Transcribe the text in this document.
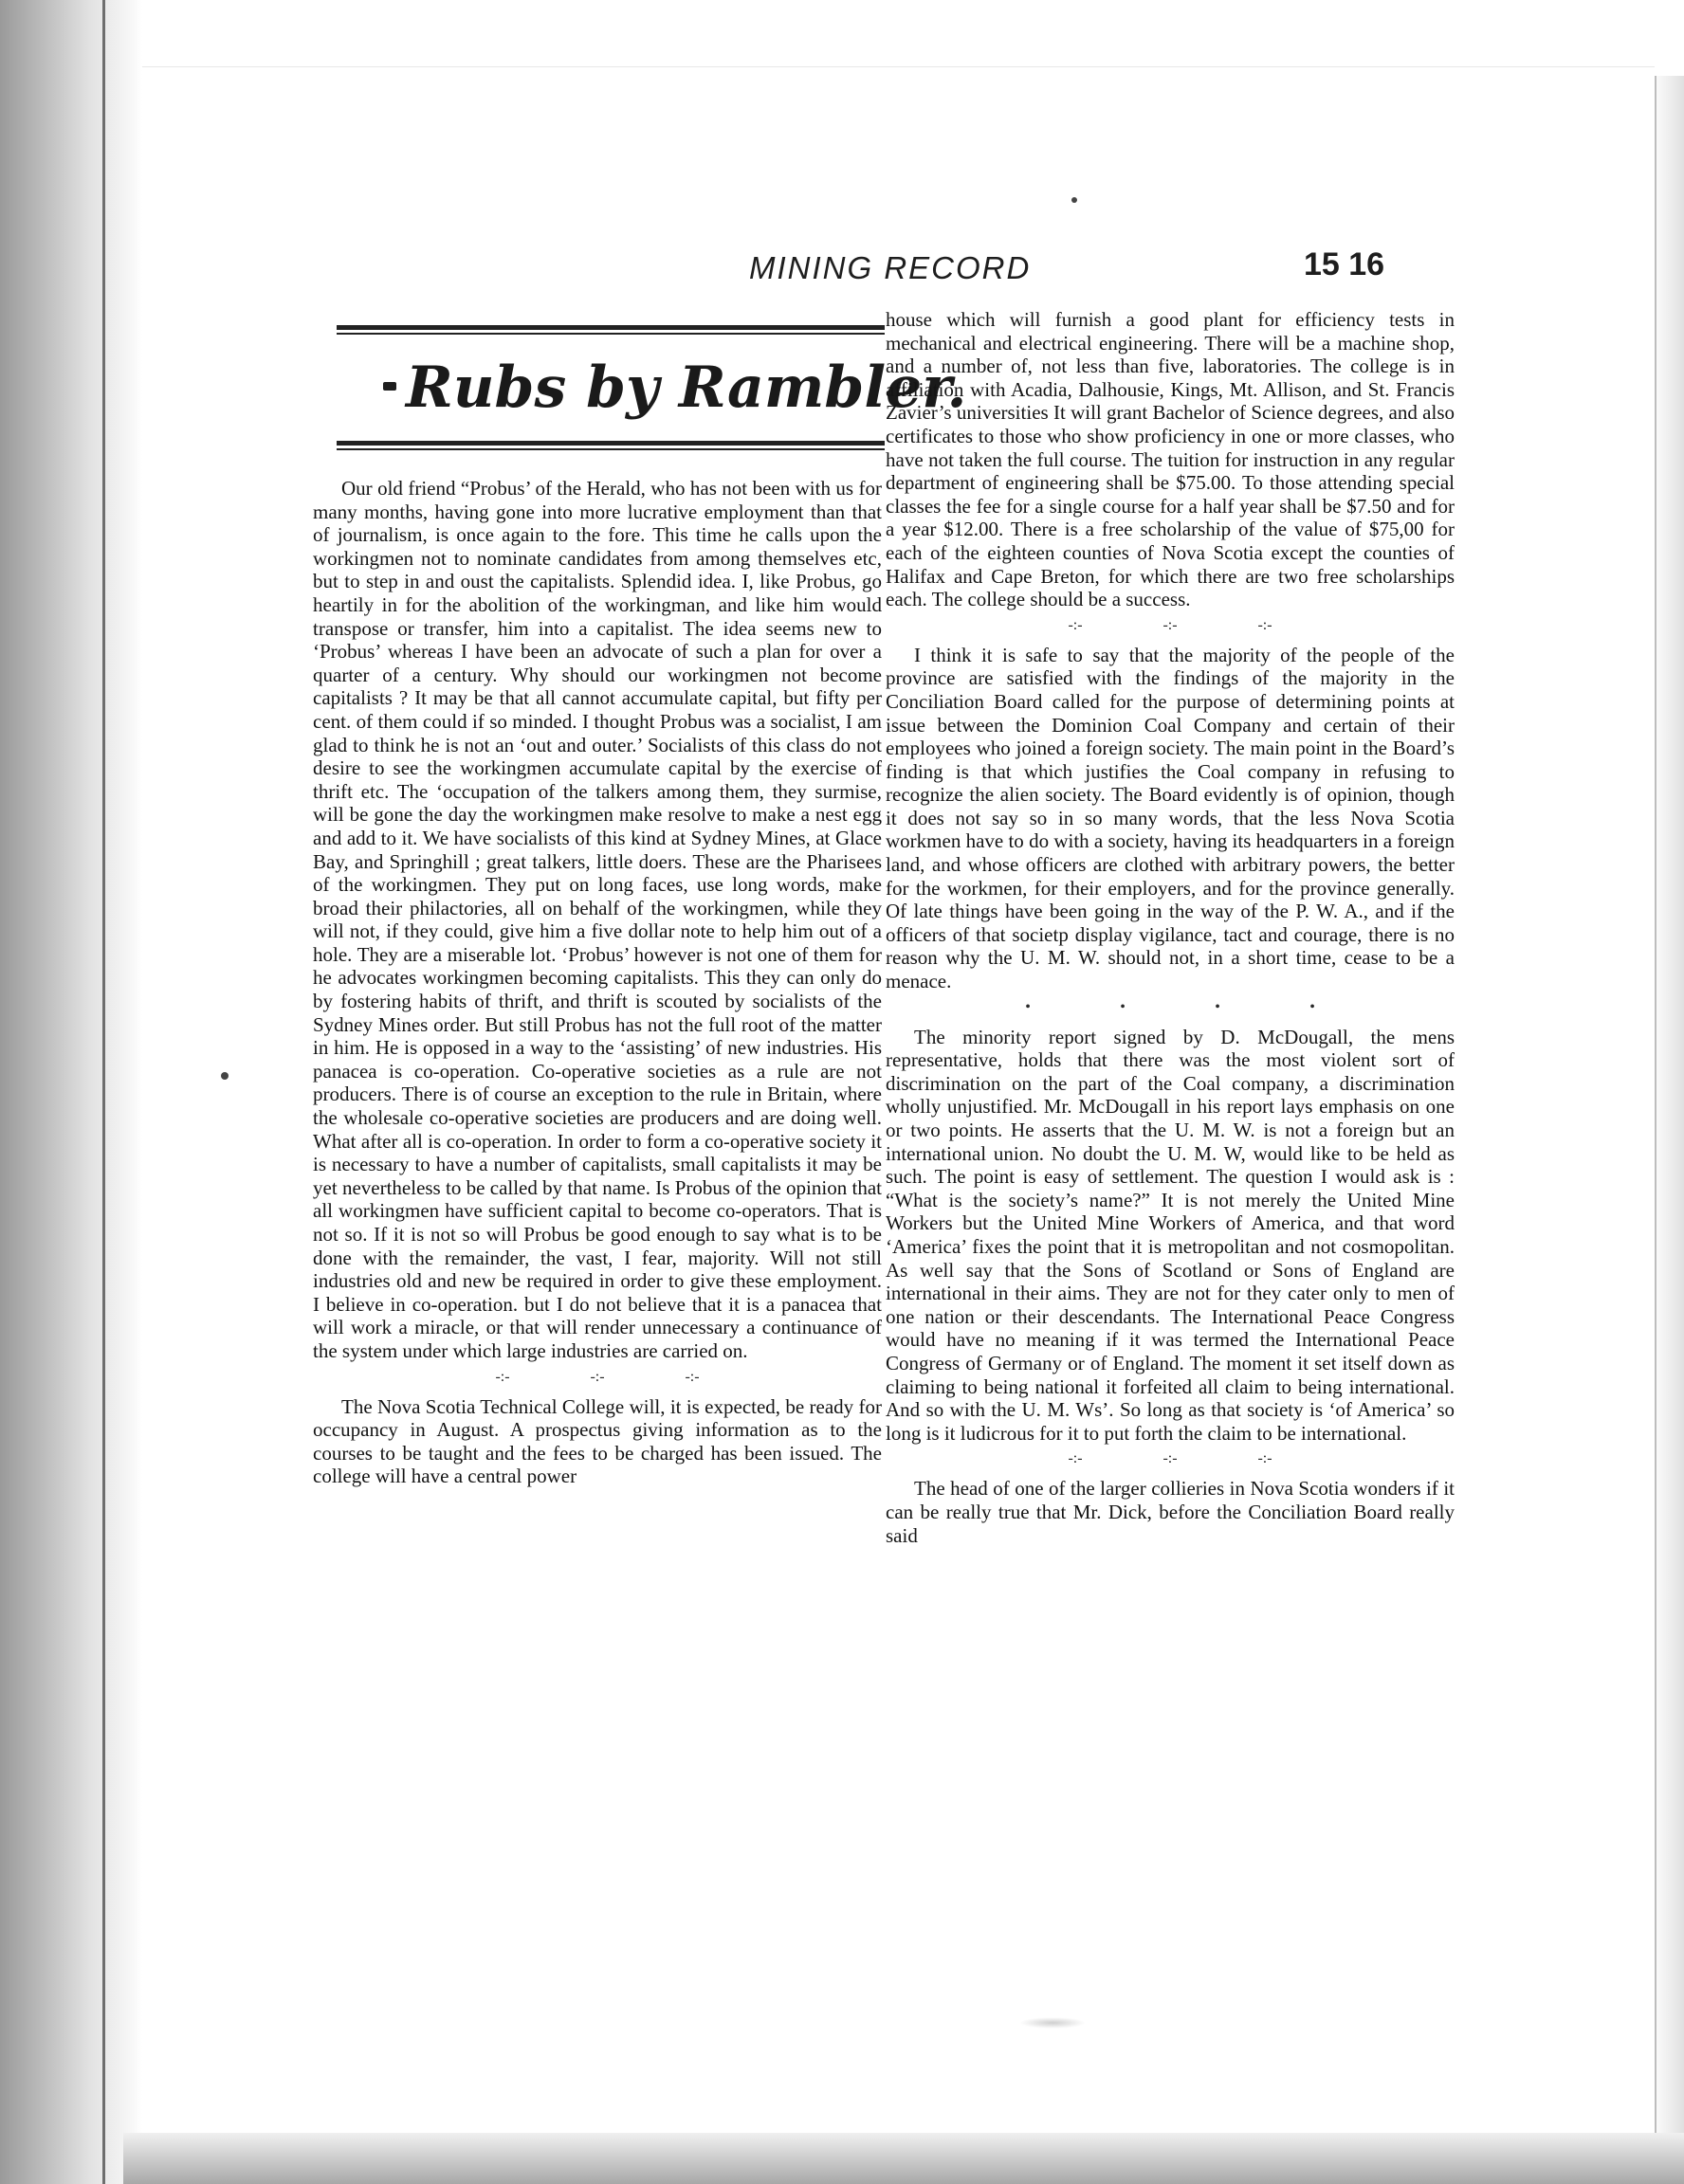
MINING RECORD	15 16
Rubs by Rambler.

Our old friend “Probus’ of the Herald, who has not been with us for many months, having gone into more lucrative employment than that of journalism, is once again to the fore. This time he calls upon the workingmen not to nominate candidates from among themselves etc, but to step in and oust the capitalists. Splendid idea. I, like Probus, go heartily in for the abolition of the workingman, and like him would transpose or transfer, him into a capitalist. The idea seems new to ‘Probus’ whereas I have been an advocate of such a plan for over a quarter of a century. Why should our workingmen not become capitalists ? It may be that all cannot accumulate capital, but fifty per cent. of them could if so minded. I thought Probus was a socialist, I am glad to think he is not an ‘out and outer.’ Socialists of this class do not desire to see the workingmen accumulate capital by the exercise of thrift etc. The ‘occupation of the talkers among them, they surmise, will be gone the day the workingmen make resolve to make a nest egg and add to it. We have socialists of this kind at Sydney Mines, at Glace Bay, and Springhill ; great talkers, little doers. These are the Pharisees of the workingmen. They put on long faces, use long words, make broad their philactories, all on behalf of the workingmen, while they will not, if they could, give him a five dollar note to help him out of a hole. They are a miserable lot. ‘Probus’ however is not one of them for he advocates workingmen becoming capitalists. This they can only do by fostering habits of thrift, and thrift is scouted by socialists of the Sydney Mines order. But still Probus has not the full root of the matter in him. He is opposed in a way to the ‘assisting’ of new industries. His panacea is co-operation. Co-operative societies as a rule are not producers. There is of course an exception to the rule in Britain, where the wholesale co-operative societies are producers and are doing well. What after all is co-operation. In order to form a co-operative society it is necessary to have a number of capitalists, small capitalists it may be yet nevertheless to be called by that name. Is Probus of the opinion that all workingmen have sufficient capital to become co-operators. That is not so. If it is not so will Probus be good enough to say what is to be done with the remainder, the vast, I fear, majority. Will not still industries old and new be required in order to give these employment. I believe in co-operation. but I do not believe that it is a panacea that will work a miracle, or that will render unnecessary a continuance of the system under which large industries are carried on.

-:-	-:-	-:-

The Nova Scotia Technical College will, it is expected, be ready for occupancy in August. A prospectus giving information as to the courses to be taught and the fees to be charged has been issued. The college will have a central power

house which will furnish a good plant for efficiency tests in mechanical and electrical engineering. There will be a machine shop, and a number of, not less than five, laboratories. The college is in affiliation with Acadia, Dalhousie, Kings, Mt. Allison, and St. Francis Zavier’s universities It will grant Bachelor of Science degrees, and also certificates to those who show proficiency in one or more classes, who have not taken the full course. The tuition for instruction in any regular department of engineering shall be $75.00. To those attending special classes the fee for a single course for a half year shall be $7.50 and for a year $12.00. There is a free scholarship of the value of $75,00 for each of the eighteen counties of Nova Scotia except the counties of Halifax and Cape Breton, for which there are two free scholarships each. The college should be a success.

-:-	-:-	-:-

I think it is safe to say that the majority of the people of the province are satisfied with the findings of the majority in the Conciliation Board called for the purpose of determining points at issue between the Dominion Coal Company and certain of their employees who joined a foreign society. The main point in the Board’s finding is that which justifies the Coal company in refusing to recognize the alien society. The Board evidently is of opinion, though it does not say so in so many words, that the less Nova Scotia workmen have to do with a society, having its headquarters in a foreign land, and whose officers are clothed with arbitrary powers, the better for the workmen, for their employers, and for the province generally. Of late things have been going in the way of the P. W. A., and if the officers of that societp display vigilance, tact and courage, there is no reason why the U. M. W. should not, in a short time, cease to be a menace.

•	•	•	•

The minority report signed by D. McDougall, the mens representative, holds that there was the most violent sort of discrimination on the part of the Coal company, a discrimination wholly unjustified. Mr. McDougall in his report lays emphasis on one or two points. He asserts that the U. M. W. is not a foreign but an international union. No doubt the U. M. W, would like to be held as such. The point is easy of settlement. The question I would ask is : “What is the society’s name?” It is not merely the United Mine Workers but the United Mine Workers of America, and that word ‘America’ fixes the point that it is metropolitan and not cosmopolitan. As well say that the Sons of Scotland or Sons of England are international in their aims. They are not for they cater only to men of one nation or their descendants. The International Peace Congress would have no meaning if it was termed the International Peace Congress of Germany or of England. The moment it set itself down as claiming to being national it forfeited all claim to being international. And so with the U. M. Ws’. So long as that society is ‘of America’ so long is it ludicrous for it to put forth the claim to be international.

-:-	-:-	-:-

The head of one of the larger collieries in Nova Scotia wonders if it can be really true that Mr. Dick, before the Conciliation Board really said
